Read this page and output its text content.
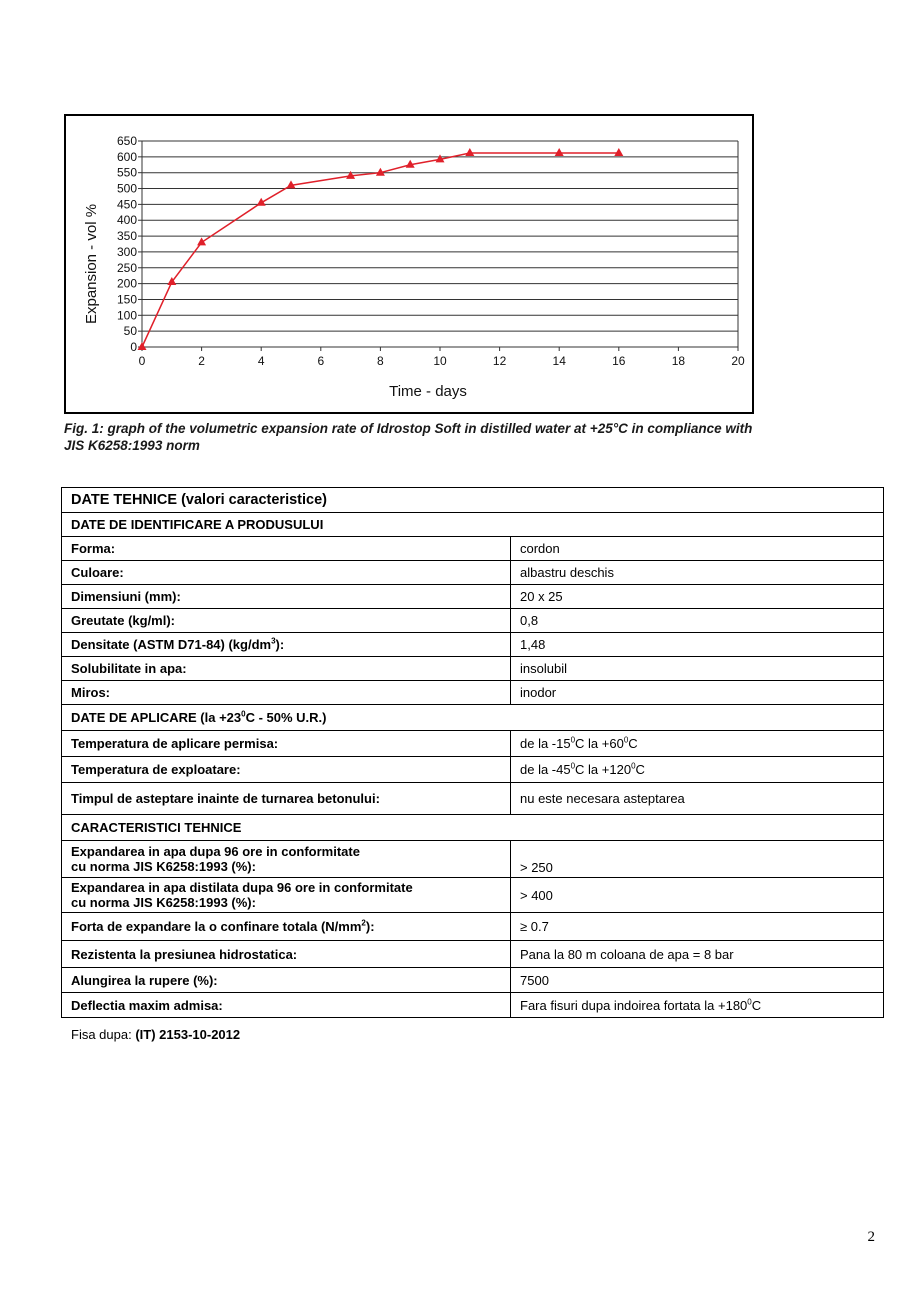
0
50
100
150
200
250
300
350
400
450
500
550
600
650
0	2	4	6	8	10	12	14	16	18	20
Time - days
Expansion - vol %
Fig. 1: graph of the volumetric expansion rate of Idrostop Soft in distilled water at +25°C in compliance with JIS K6258:1993 norm
DATE TEHNICE (valori caracteristice)	
DATE DE IDENTIFICARE A PRODUSULUI	
Forma:	cordon
Culoare:	albastru deschis
Dimensiuni (mm):	20 x 25
Greutate (kg/ml):	0,8
Densitate (ASTM D71-84) $(kg/dm^3)$:	1,48
Solubilitate in apa:	insolubil
Miros:	inodor
DATE DE APLICARE ($la +23^0C - 50\%$ U.R.)	
Temperatura de aplicare permisa:	de la $-15^0C$ la $+60^0C$
Temperatura de exploatare:	de la $-45^0C$ la $+120^0C$
Timpul de asteptare inainte de turnarea betonului:	nu este necesara asteptarea
CARACTERISTICI TEHNICE	
Expandarea in apa dupa 96 ore in conformitate
cu norma JIS K6258:1993 (%):	> 250
Expandarea in apa distilata dupa 96 ore in conformitate
cu norma JIS K6258:1993 (%):	> 400
Forta de expandare la o confinare totala $(N/mm^2)$:	≥ 0.7
Rezistenta la presiunea hidrostatica:	Pana la 80 m coloana de apa = 8 bar
Alungirea la rupere (%):	7500
Deflectia maxim admisa:	Fara fisuri dupa indoirea fortata la $+180^0C$
Fisa dupa: (IT) 2153-10-2012
2
